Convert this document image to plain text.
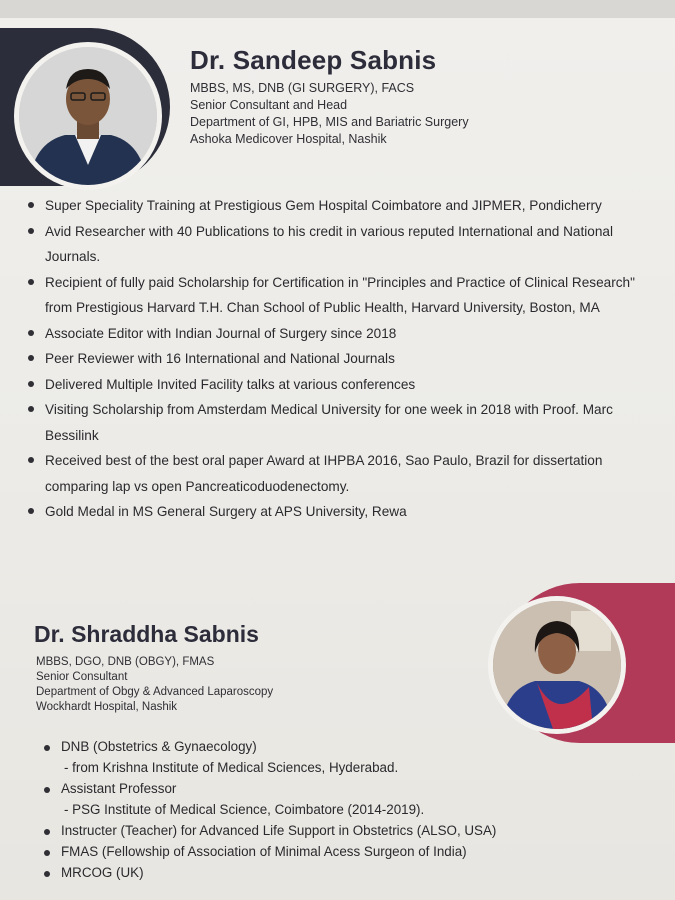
Dr. Sandeep Sabnis
MBBS, MS, DNB (GI SURGERY), FACS
Senior Consultant and Head
Department of GI, HPB, MIS and Bariatric Surgery
Ashoka Medicover Hospital, Nashik
Super Speciality Training at Prestigious Gem Hospital Coimbatore and JIPMER, Pondicherry
Avid Researcher with 40 Publications to his credit in various reputed International and National Journals.
Recipient of fully paid Scholarship for Certification in "Principles and Practice of Clinical Research" from Prestigious Harvard T.H. Chan School of Public Health, Harvard University, Boston, MA
Associate Editor with Indian Journal of Surgery since 2018
Peer Reviewer with 16 International and National Journals
Delivered Multiple Invited Facility talks at various conferences
Visiting Scholarship from Amsterdam Medical University for one week in 2018 with Proof. Marc Bessilink
Received best of the best oral paper Award at IHPBA 2016, Sao Paulo, Brazil for dissertation comparing lap vs open Pancreaticoduodenectomy.
Gold Medal in MS General Surgery at APS University, Rewa
Dr. Shraddha Sabnis
MBBS, DGO, DNB (OBGY), FMAS
Senior Consultant
Department of Obgy & Advanced Laparoscopy
Wockhardt Hospital, Nashik
DNB (Obstetrics & Gynaecology)
- from Krishna Institute of Medical Sciences, Hyderabad.
Assistant Professor
- PSG Institute of Medical Science, Coimbatore (2014-2019).
Instructer (Teacher) for Advanced Life Support in Obstetrics (ALSO, USA)
FMAS (Fellowship of Association of Minimal Acess Surgeon of India)
MRCOG (UK)
